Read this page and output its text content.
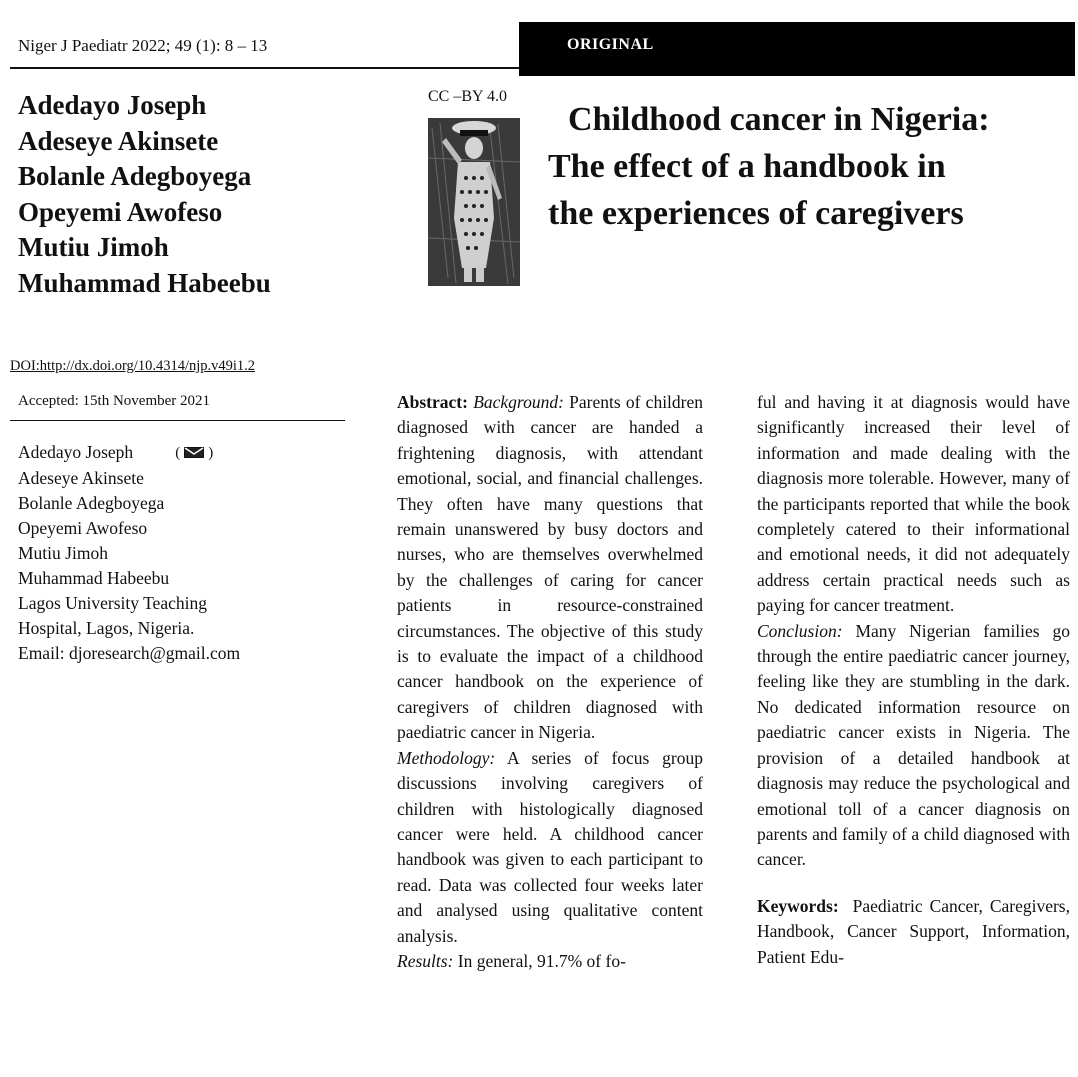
Niger J Paediatr 2022; 49 (1): 8 – 13	ORIGINAL
Adedayo Joseph
Adeseye Akinsete
Bolanle Adegboyega
Opeyemi Awofeso
Mutiu Jimoh
Muhammad Habeebu
CC –BY 4.0
Childhood cancer in Nigeria:
The effect of a handbook in
the experiences of caregivers
DOI:http://dx.doi.org/10.4314/njp.v49i1.2
Accepted: 15th November 2021
Adedayo Joseph	( )
Adeseye Akinsete
Bolanle Adegboyega
Opeyemi Awofeso
Mutiu Jimoh
Muhammad Habeebu
Lagos University Teaching
Hospital, Lagos, Nigeria.
Email: djoresearch@gmail.com

Abstract: Background: Parents of children diagnosed with cancer are handed a frightening diagnosis, with attendant emotional, social, and financial challenges. They often have many questions that remain unanswered by busy doctors and nurses, who are themselves overwhelmed by the challenges of caring for cancer patients in resource-constrained circumstances. The objective of this study is to evaluate the impact of a childhood cancer handbook on the experience of caregivers of children diagnosed with paediatric cancer in Nigeria.

Methodology: A series of focus group discussions involving caregivers of children with histologically diagnosed cancer were held. A childhood cancer handbook was given to each participant to read. Data was collected four weeks later and analysed using qualitative content analysis.

Results: In general, 91.7% of fo-

ful and having it at diagnosis would have significantly increased their level of information and made dealing with the diagnosis more tolerable. However, many of the participants reported that while the book completely catered to their informational and emotional needs, it did not adequately address certain practical needs such as paying for cancer treatment.

Conclusion: Many Nigerian families go through the entire paediatric cancer journey, feeling like they are stumbling in the dark. No dedicated information resource on paediatric cancer exists in Nigeria. The provision of a detailed handbook at diagnosis may reduce the psychological and emotional toll of a cancer diagnosis on parents and family of a child diagnosed with cancer.

Keywords: Paediatric Cancer, Caregivers, Handbook, Cancer Support, Information, Patient Edu-
